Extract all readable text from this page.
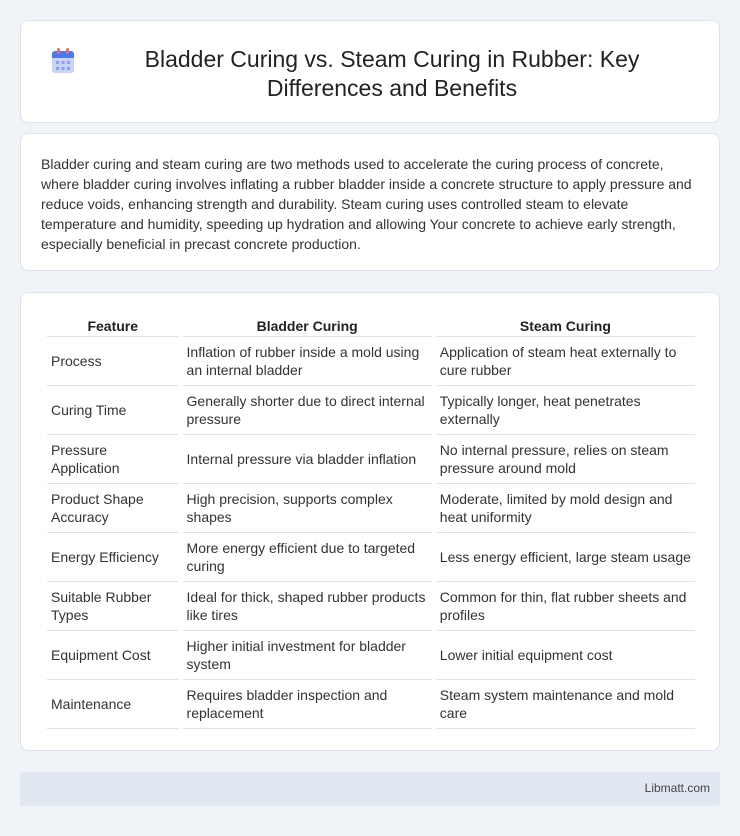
Bladder Curing vs. Steam Curing in Rubber: Key Differences and Benefits

Bladder curing and steam curing are two methods used to accelerate the curing process of concrete, where bladder curing involves inflating a rubber bladder inside a concrete structure to apply pressure and reduce voids, enhancing strength and durability. Steam curing uses controlled steam to elevate temperature and humidity, speeding up hydration and allowing Your concrete to achieve early strength, especially beneficial in precast concrete production.

Feature	Bladder Curing	Steam Curing
Process	Inflation of rubber inside a mold using an internal bladder	Application of steam heat externally to cure rubber
Curing Time	Generally shorter due to direct internal pressure	Typically longer, heat penetrates externally
Pressure Application	Internal pressure via bladder inflation	No internal pressure, relies on steam pressure around mold
Product Shape Accuracy	High precision, supports complex shapes	Moderate, limited by mold design and heat uniformity
Energy Efficiency	More energy efficient due to targeted curing	Less energy efficient, large steam usage
Suitable Rubber Types	Ideal for thick, shaped rubber products like tires	Common for thin, flat rubber sheets and profiles
Equipment Cost	Higher initial investment for bladder system	Lower initial equipment cost
Maintenance	Requires bladder inspection and replacement	Steam system maintenance and mold care
Libmatt.com
